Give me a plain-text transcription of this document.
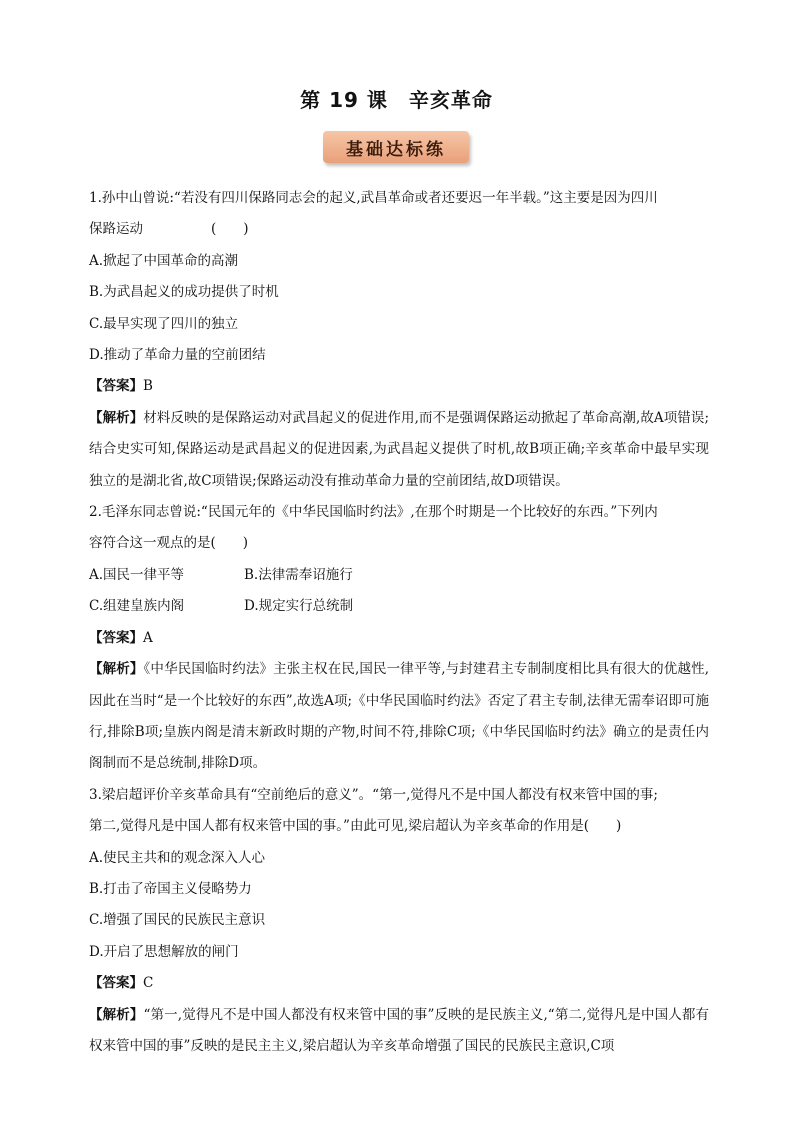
第 19 课　辛亥革命
基础达标练
1.孙中山曾说:“若没有四川保路同志会的起义,武昌革命或者还要迟一年半载。”这主要是因为四川
保路运动	(　　)
A.掀起了中国革命的高潮
B.为武昌起义的成功提供了时机
C.最早实现了四川的独立
D.推动了革命力量的空前团结
【答案】B
【解析】材料反映的是保路运动对武昌起义的促进作用,而不是强调保路运动掀起了革命高潮,故A项错误;结合史实可知,保路运动是武昌起义的促进因素,为武昌起义提供了时机,故B项正确;辛亥革命中最早实现独立的是湖北省,故C项错误;保路运动没有推动革命力量的空前团结,故D项错误。
2.毛泽东同志曾说:“民国元年的《中华民国临时约法》,在那个时期是一个比较好的东西。”下列内
容符合这一观点的是(　　)
A.国民一律平等	B.法律需奉诏施行
C.组建皇族内阁	D.规定实行总统制
【答案】A
【解析】《中华民国临时约法》主张主权在民,国民一律平等,与封建君主专制制度相比具有很大的优越性,因此在当时“是一个比较好的东西”,故选A项;《中华民国临时约法》否定了君主专制,法律无需奉诏即可施行,排除B项;皇族内阁是清末新政时期的产物,时间不符,排除C项;《中华民国临时约法》确立的是责任内阁制而不是总统制,排除D项。
3.梁启超评价辛亥革命具有“空前绝后的意义”。“第一,觉得凡不是中国人都没有权来管中国的事;
第二,觉得凡是中国人都有权来管中国的事。”由此可见,梁启超认为辛亥革命的作用是(　　)
A.使民主共和的观念深入人心
B.打击了帝国主义侵略势力
C.增强了国民的民族民主意识
D.开启了思想解放的闸门
【答案】C
【解析】“第一,觉得凡不是中国人都没有权来管中国的事”反映的是民族主义,“第二,觉得凡是中国人都有权来管中国的事”反映的是民主主义,梁启超认为辛亥革命增强了国民的民族民主意识,C项
